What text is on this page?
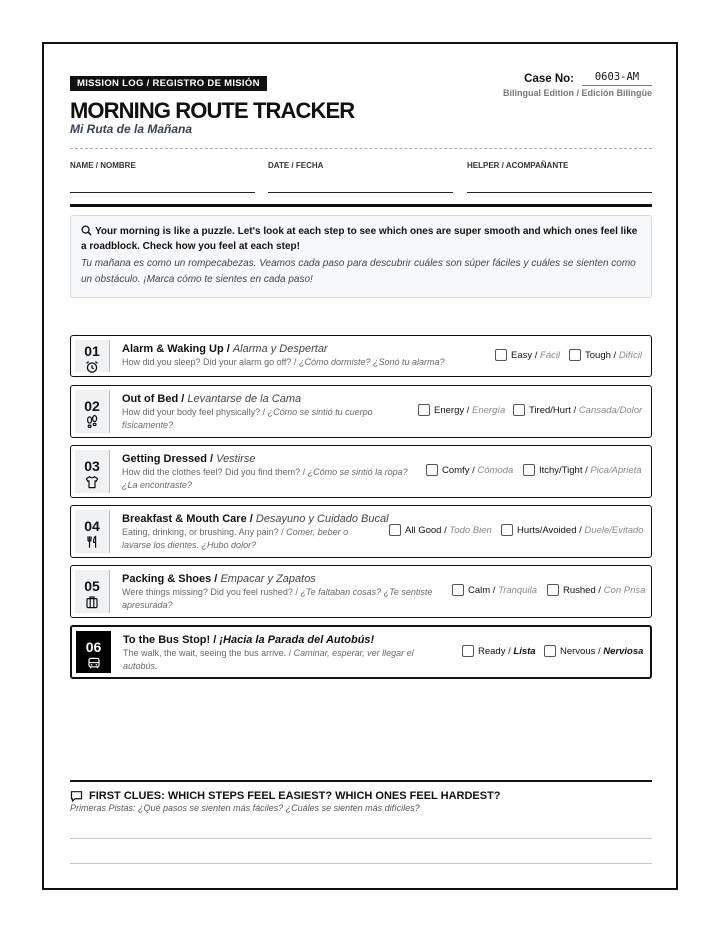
MISSION LOG / REGISTRO DE MISIÓN
MORNING ROUTE TRACKER
Mi Ruta de la Mañana
Case No:	0603-AM
Bilingual Edition / Edición Bilingüe
NAME / NOMBRE	DATE / FECHA	HELPER / ACOMPAÑANTE
Your morning is like a puzzle. Let's look at each step to see which ones are super smooth and which ones feel like a roadblock. Check how you feel at each step!
Tu mañana es como un rompecabezas. Veamos cada paso para descubrir cuáles son súper fáciles y cuáles se sienten como un obstáculo. ¡Marca cómo te sientes en cada paso!
01	Alarm & Waking Up / Alarma y Despertar
How did you sleep? Did your alarm go off? / ¿Cómo dormiste? ¿Sonó tu alarma?
Easy /
Fácil	Tough /
Difícil
02	Out of Bed / Levantarse de la Cama
How did your body feel physically? / ¿Cómo se sintió tu cuerpo
físicamente?
Energy /
Energía Tired/Hurt /
Cansada/Dolor
03	Getting Dressed / Vestirse
How did the clothes feel? Did you find them? / ¿Cómo se sintió la ropa?
¿La encontraste?
Comfy /
Cómoda	Itchy/Tight /
Pica/Aprieta
04	Breakfast & Mouth Care / Desayuno y Cuidado Bucal
Eating, drinking, or brushing. Any pain? / Comer, beber o
lavarse los dientes. ¿Hubo dolor?
All Good /
Todo Bien	Hurts/Avoided /
Duele/Evitado
05	Packing & Shoes / Empacar y Zapatos
Were things missing? Did you feel rushed? / ¿Te faltaban cosas? ¿Te sentiste
apresurada?
Calm /
Tranquila	Rushed /
Con Prisa
06	To the Bus Stop! / ¡Hacia la Parada del Autobús!
The walk, the wait, seeing the bus arrive. / Caminar, esperar, ver llegar el
autobús.
Ready /
Lista	Nervous /
Nerviosa
FIRST CLUES: WHICH STEPS FEEL EASIEST? WHICH ONES FEEL HARDEST?
Primeras Pistas: ¿Qué pasos se sienten más fáciles? ¿Cuáles se sienten más difíciles?
